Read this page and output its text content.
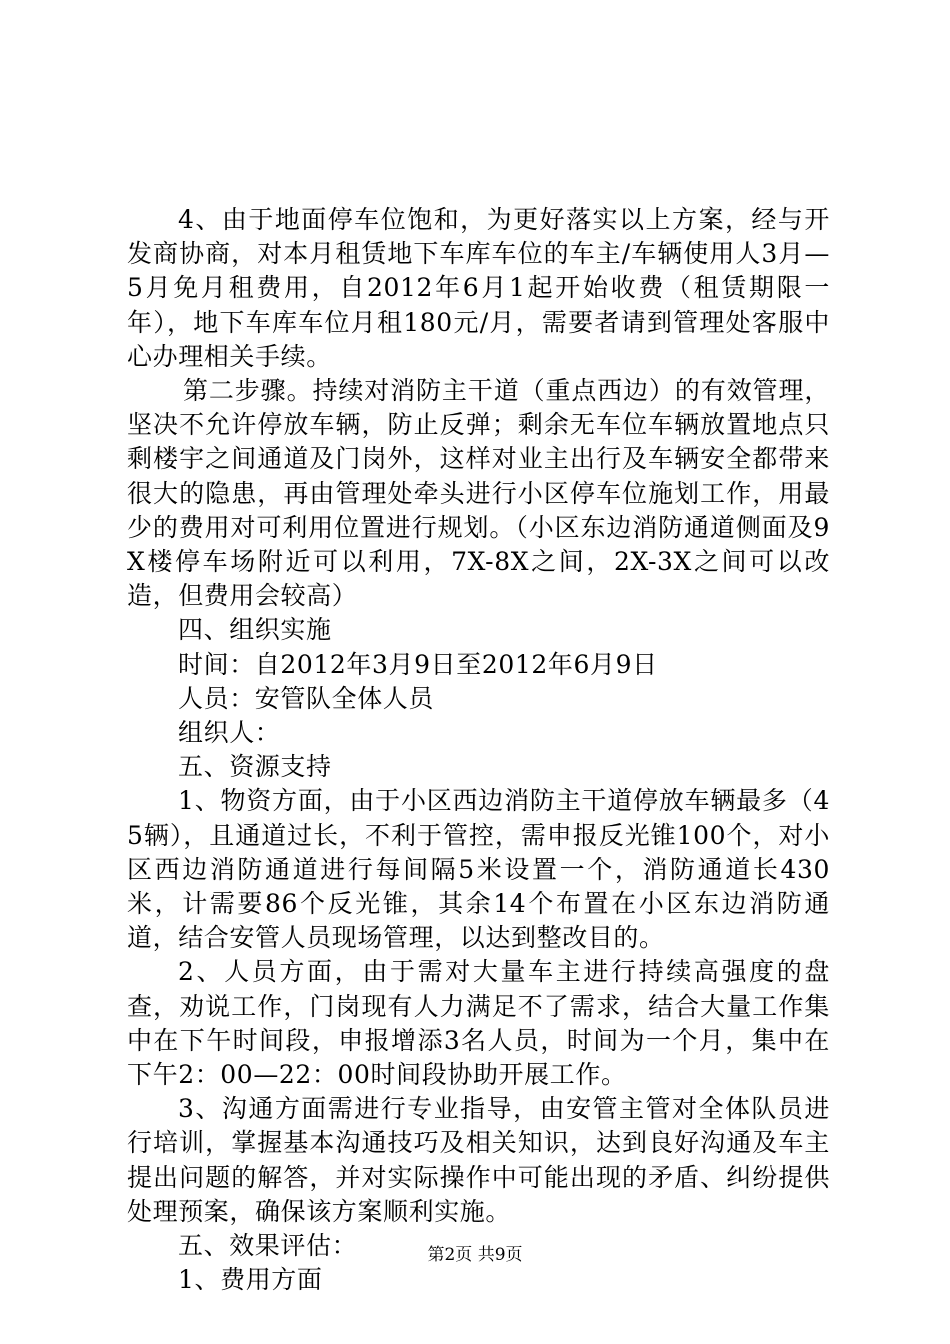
4、由于地面停车位饱和，为更好落实以上方案，经与开发商协商，对本月租赁地下车库车位的车主/车辆使用人3月—5月免月租费用，自2012年6月1起开始收费（租赁期限一年），地下车库车位月租180元/月，需要者请到管理处客服中心办理相关手续。

第二步骤。持续对消防主干道（重点西边）的有效管理，坚决不允许停放车辆，防止反弹；剩余无车位车辆放置地点只剩楼宇之间通道及门岗外，这样对业主出行及车辆安全都带来很大的隐患，再由管理处牵头进行小区停车位施划工作，用最少的费用对可利用位置进行规划。（小区东边消防通道侧面及9X楼停车场附近可以利用，7X-8X之间，2X-3X之间可以改造，但费用会较高）

四、组织实施

时间：自2012年3月9日至2012年6月9日

人员：安管队全体人员

组织人：

五、资源支持

1、物资方面，由于小区西边消防主干道停放车辆最多（45辆），且通道过长，不利于管控，需申报反光锥100个，对小区西边消防通道进行每间隔5米设置一个，消防通道长430米，计需要86个反光锥，其余14个布置在小区东边消防通道，结合安管人员现场管理，以达到整改目的。

2、人员方面，由于需对大量车主进行持续高强度的盘查，劝说工作，门岗现有人力满足不了需求，结合大量工作集中在下午时间段，申报增添3名人员，时间为一个月，集中在下午2：00—22：00时间段协助开展工作。

3、沟通方面需进行专业指导，由安管主管对全体队员进行培训，掌握基本沟通技巧及相关知识，达到良好沟通及车主提出问题的解答，并对实际操作中可能出现的矛盾、纠纷提供处理预案，确保该方案顺利实施。

五、效果评估：

1、费用方面

第2页 共9页
